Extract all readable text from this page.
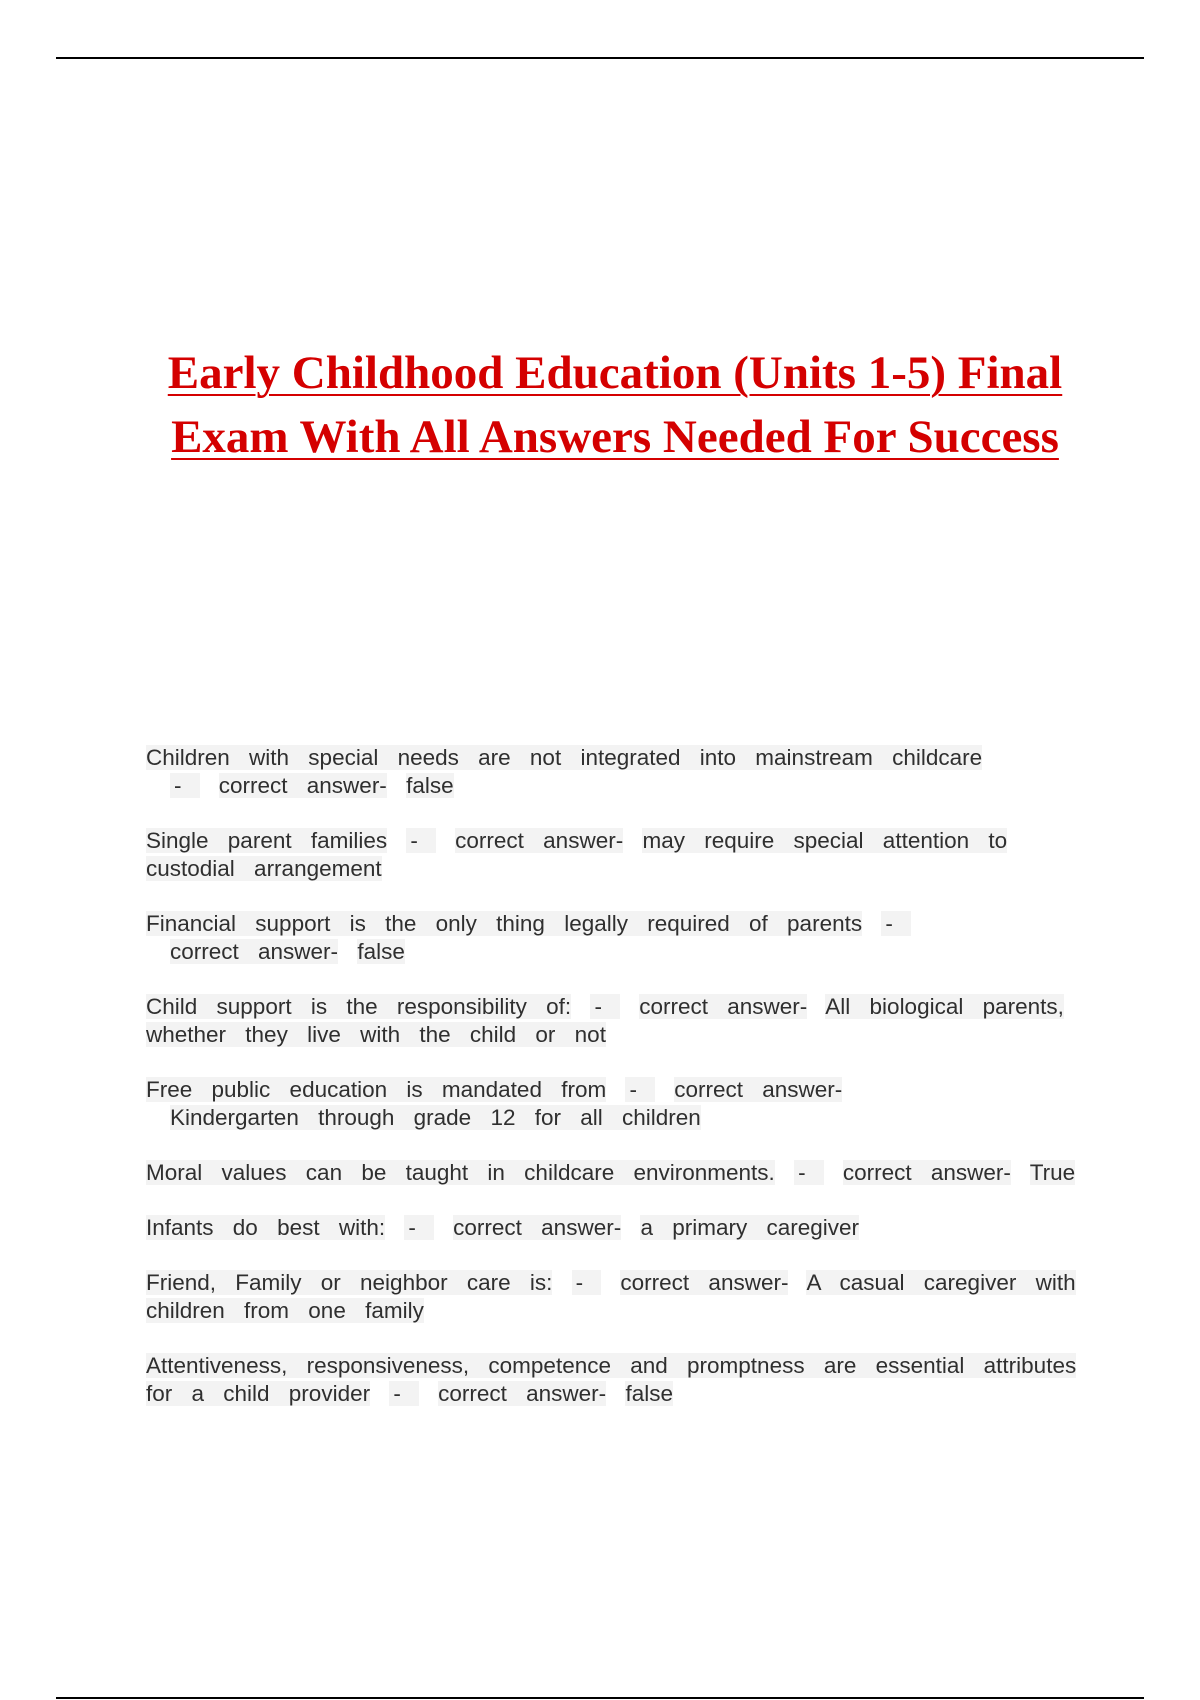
Early Childhood Education (Units 1-5) Final
Exam With All Answers Needed For Success
Children with special needs are not integrated into mainstream childcare
- correct answer- false
Single parent families - correct answer- may require special attention to custodial arrangement
Financial support is the only thing legally required of parents -
correct answer- false
Child support is the responsibility of: - correct answer- All biological parents, whether they live with the child or not
Free public education is mandated from - correct answer-
Kindergarten through grade 12 for all children
Moral values can be taught in childcare environments. - correct answer- True
Infants do best with: - correct answer- a primary caregiver
Friend, Family or neighbor care is: - correct answer- A casual caregiver with children from one family
Attentiveness, responsiveness, competence and promptness are essential attributes for a child provider - correct answer- false
